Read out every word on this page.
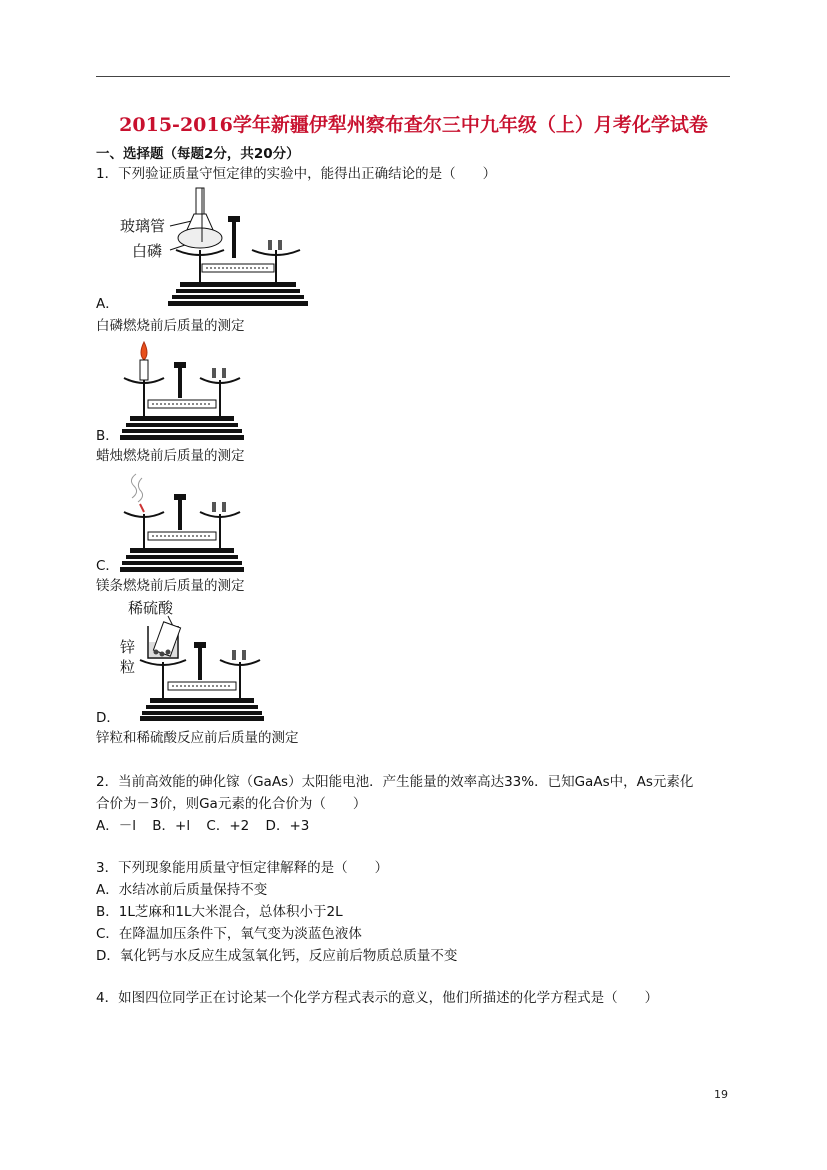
2015-2016学年新疆伊犁州察布查尔三中九年级（上）月考化学试卷
一、选择题（每题2分，共20分）
1．下列验证质量守恒定律的实验中，能得出正确结论的是（　　）
玻璃管
白磷
A．
白磷燃烧前后质量的测定
B．
蜡烛燃烧前后质量的测定
C．
镁条燃烧前后质量的测定
稀硫酸
锌
粒
D．
锌粒和稀硫酸反应前后质量的测定
2．当前高效能的砷化镓（GaAs）太阳能电池．产生能量的效率高达33%．已知GaAs中，As元素化
合价为－3价，则Ga元素的化合价为（　　）
A．－l B．+l C．+2 D．+3
3．下列现象能用质量守恒定律解释的是（　　）
A．水结冰前后质量保持不变
B．1L芝麻和1L大米混合，总体积小于2L
C．在降温加压条件下，氧气变为淡蓝色液体
D．氧化钙与水反应生成氢氧化钙，反应前后物质总质量不变
4．如图四位同学正在讨论某一个化学方程式表示的意义，他们所描述的化学方程式是（　　）
19
